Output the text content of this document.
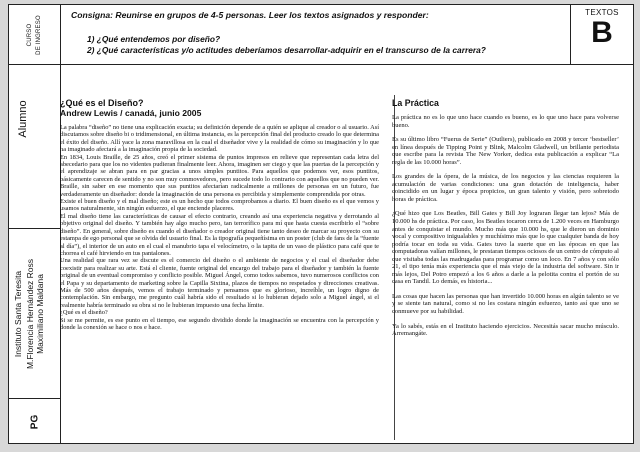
CURSO DE INGRESO
Alumno
Instituto Santa Teresita M.Florencia Hernández Ross Maximiliano Maldana
PG
Consigna: Reunirse en grupos de 4-5 personas. Leer los textos asignados y responder:
1) ¿Qué entendemos por diseño?
2) ¿Qué características y/o actitudes deberíamos desarrollar-adquirir en el transcurso de la carrera?
TEXTOS
B
¿Qué es el Diseño?
Andrew Lewis / canadá, junio 2005

La palabra “diseño” no tiene una explicación exacta; su definición depende de a quién se aplique al creador o al usuario. Así discutamos sobre diseño bi o tridimensional, en última instancia, es la percepción final del producto creado lo que determina el éxito del diseño. Allí yace la zona maravillosa en la cual el diseñador vive y la realidad de cómo su imaginación y lo que ha imaginado afectará a la imaginación propia de la sociedad.

En 1834, Louis Braille, de 25 años, creó el primer sistema de puntos impresos en relieve que representan cada letra del abecedario para que los no videntes pudieran finalmente leer. Ahora, imaginen ser ciego y que las puertas de la percepción y el aprendizaje se abran para en par gracias a unos simples puntitos. Para aquellos que podemos ver, esos puntitos, básicamente carecen de sentido y no son muy conmovedores, pero sucede todo lo contrario con aquellos que no pueden ver. Braille, sin saber en ese momento que sus puntitos afectarían radicalmente a millones de personas en un futuro, fue verdaderamente un diseñador: donde la imaginación de una persona es percibida y simplemente comprendida por otras.

Existe el buen diseño y el mal diseño; este es un hecho que todos comprobamos a diario. El buen diseño es el que vemos y usamos naturalmente, sin ningún esfuerzo, el que enciende placeres.

El mal diseño tiene las características de causar el efecto contrario, creando así una experiencia negativa y derrotando al objetivo original del diseño. Y también hay algo mucho pero, tan terrorífico para mí que hasta cuesta escribirlo el “sobre diseño”. En general, sobre diseño es cuando el diseñador o creador original tiene tanto deseo de marcar su proyecto con su estampa de ego personal que se olvida del usuario final. Es la tipografía pequeñísima en un poster (club de fans de la “fuente al día”), el interior de un auto en el cual el manubrio tapa el velocímetro, o la tapita de un vaso de plástico para café que te chorrea el café hirviendo en tus pantalones.

Una realidad que rara vez se discute es el comercio del diseño o el ambiente de negocios y el cual el diseñador debe coexistir para realizar su arte. Está el cliente, fuente original del encargo del trabajo para el diseñador y también la fuente original de un eventual compromiso y conflicto posible. Miguel Ángel, como todos sabemos, tuvo numerosos conflictos con el Papa y su departamento de marketing sobre la Capilla Sixtina, plazos de tiempos no respetados y direcciones creativas. Más de 500 años después, vemos el trabajo terminado y pensamos que es glorioso, increíble, un logro digno de contemplación. Sin embargo, me pregunto cuál habría sido el resultado si lo hubieran dejado solo a Miguel ángel, si el realmente habría terminado su obra si no le hubieran impuesto una fecha límite.

¿Qué es el diseño?

Si se me permite, es ese punto en el tiempo, ese segundo dividido donde la imaginación se encuentra con la percepción y donde la conexión se hace o nos e hace.

La Práctica

La práctica no es lo que uno hace cuando es bueno, es lo que uno hace para volverse bueno.

Es su último libro “Fuerus de Serie” (Outliers), publicado en 2008 y tercer ‘bestseller’ en línea después de Tipping Point y Blink, Malcolm Gladwell, un brillante periodista que escribe para la revista The New Yorker, dedica esta publicación a explicar “La regla de las 10.000 horas”.

Los grandes de la ópera, de la música, de los negocios y las ciencias requieren la acumulación de varias condiciones: una gran dotación de inteligencia, haber coincidido en un lugar y época propicios, un gran talento y visión, pero sobretodo horas de práctica.

¿Qué hizo que Los Beatles, Bill Gates y Bill Joy lograran llegar tan lejos? Más de 10.000 hs de práctica. Por caso, los Beatles tocaron cerca de 1.200 veces en Hamburgo antes de conquistar el mundo. Mucho más que 10.000 hs, que le dieron un dominio vocal y compositivo inigualables y muchísimo más que lo que cualquier banda de hoy podría tocar en toda su vida. Gates tuvo la suerte que en las épocas en que las computadoras valían millones, le prestaran tiempos ociosos de un centro de cómputo al que visitaba todas las madrugadas para programar como un loco. En 7 años y con sólo 21, el tipo tenía más experiencia que el más viejo de la industria del software. Sin ir más lejos, Del Potro empezó a los 6 años a darle a la pelotita contra el portón de su casa en Tandil. Lo demás, es historia...

Las cosas que hacen las personas que han invertido 10.000 horas en algún talento se ve y se siente tan natural, como si no les costara ningún esfuerzo, tanto así que uno se conmueve por su habilidad.

Ya lo sabés, estás en el Instituto haciendo ejercicios. Necesitás sacar mucho músculo. Arremangáte.
